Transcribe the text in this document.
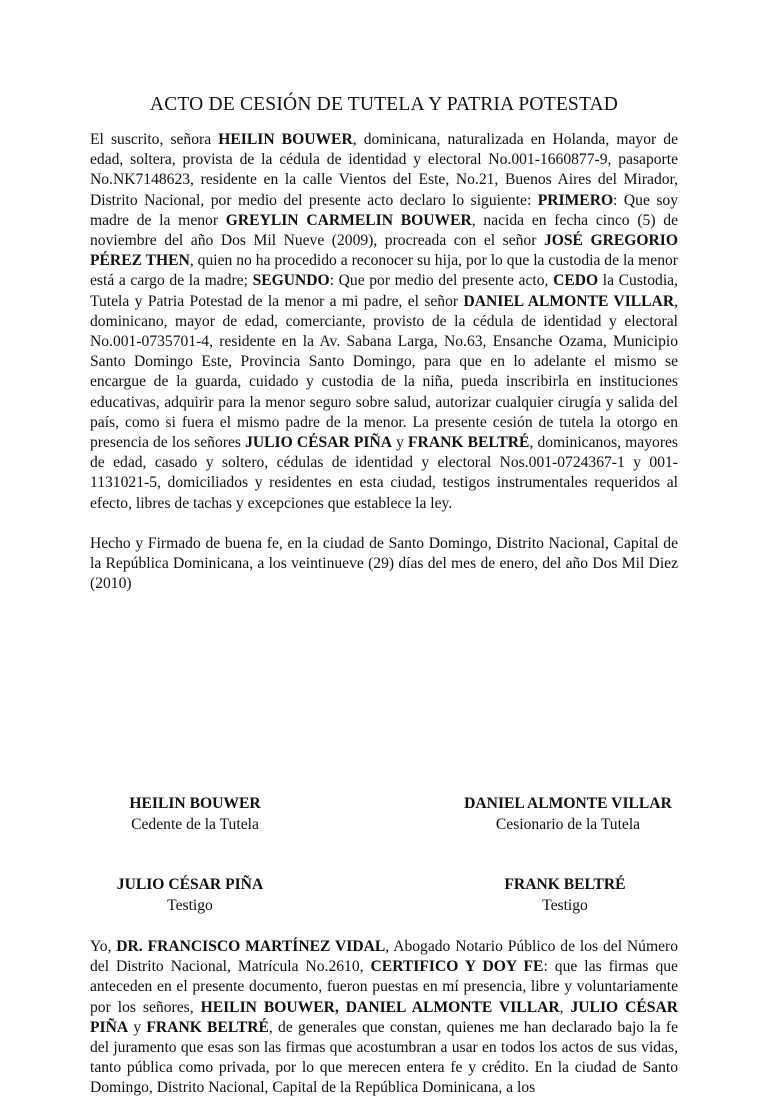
ACTO DE CESIÓN DE TUTELA Y PATRIA POTESTAD

El suscrito, señora HEILIN BOUWER, dominicana, naturalizada en Holanda, mayor de edad, soltera, provista de la cédula de identidad y electoral No.001-1660877-9, pasaporte No.NK7148623, residente en la calle Vientos del Este, No.21, Buenos Aires del Mirador, Distrito Nacional, por medio del presente acto declaro lo siguiente: PRIMERO: Que soy madre de la menor GREYLIN CARMELIN BOUWER, nacida en fecha cinco (5) de noviembre del año Dos Mil Nueve (2009), procreada con el señor JOSÉ GREGORIO PÉREZ THEN, quien no ha procedido a reconocer su hija, por lo que la custodia de la menor está a cargo de la madre; SEGUNDO: Que por medio del presente acto, CEDO la Custodia, Tutela y Patria Potestad de la menor a mi padre, el señor DANIEL ALMONTE VILLAR, dominicano, mayor de edad, comerciante, provisto de la cédula de identidad y electoral No.001-0735701-4, residente en la Av. Sabana Larga, No.63, Ensanche Ozama, Municipio Santo Domingo Este, Provincia Santo Domingo, para que en lo adelante el mismo se encargue de la guarda, cuidado y custodia de la niña, pueda inscribirla en instituciones educativas, adquirir para la menor seguro sobre salud, autorizar cualquier cirugía y salida del país, como si fuera el mismo padre de la menor. La presente cesión de tutela la otorgo en presencia de los señores JULIO CÉSAR PIÑA y FRANK BELTRÉ, dominicanos, mayores de edad, casado y soltero, cédulas de identidad y electoral Nos.001-0724367-1 y 001-1131021-5, domiciliados y residentes en esta ciudad, testigos instrumentales requeridos al efecto, libres de tachas y excepciones que establece la ley.

Hecho y Firmado de buena fe, en la ciudad de Santo Domingo, Distrito Nacional, Capital de la República Dominicana, a los veintinueve (29) días del mes de enero, del año Dos Mil Diez (2010)

HEILIN BOUWER
Cedente de la Tutela
DANIEL ALMONTE VILLAR
Cesionario de la Tutela
JULIO CÉSAR PIÑA
Testigo
FRANK BELTRÉ
Testigo

Yo, DR. FRANCISCO MARTÍNEZ VIDAL, Abogado Notario Público de los del Número del Distrito Nacional, Matrícula No.2610, CERTIFICO Y DOY FE: que las firmas que anteceden en el presente documento, fueron puestas en mí presencia, libre y voluntariamente por los señores, HEILIN BOUWER, DANIEL ALMONTE VILLAR, JULIO CÉSAR PIÑA y FRANK BELTRÉ, de generales que constan, quienes me han declarado bajo la fe del juramento que esas son las firmas que acostumbran a usar en todos los actos de sus vidas, tanto pública como privada, por lo que merecen entera fe y crédito. En la ciudad de Santo Domingo, Distrito Nacional, Capital de la República Dominicana, a los
